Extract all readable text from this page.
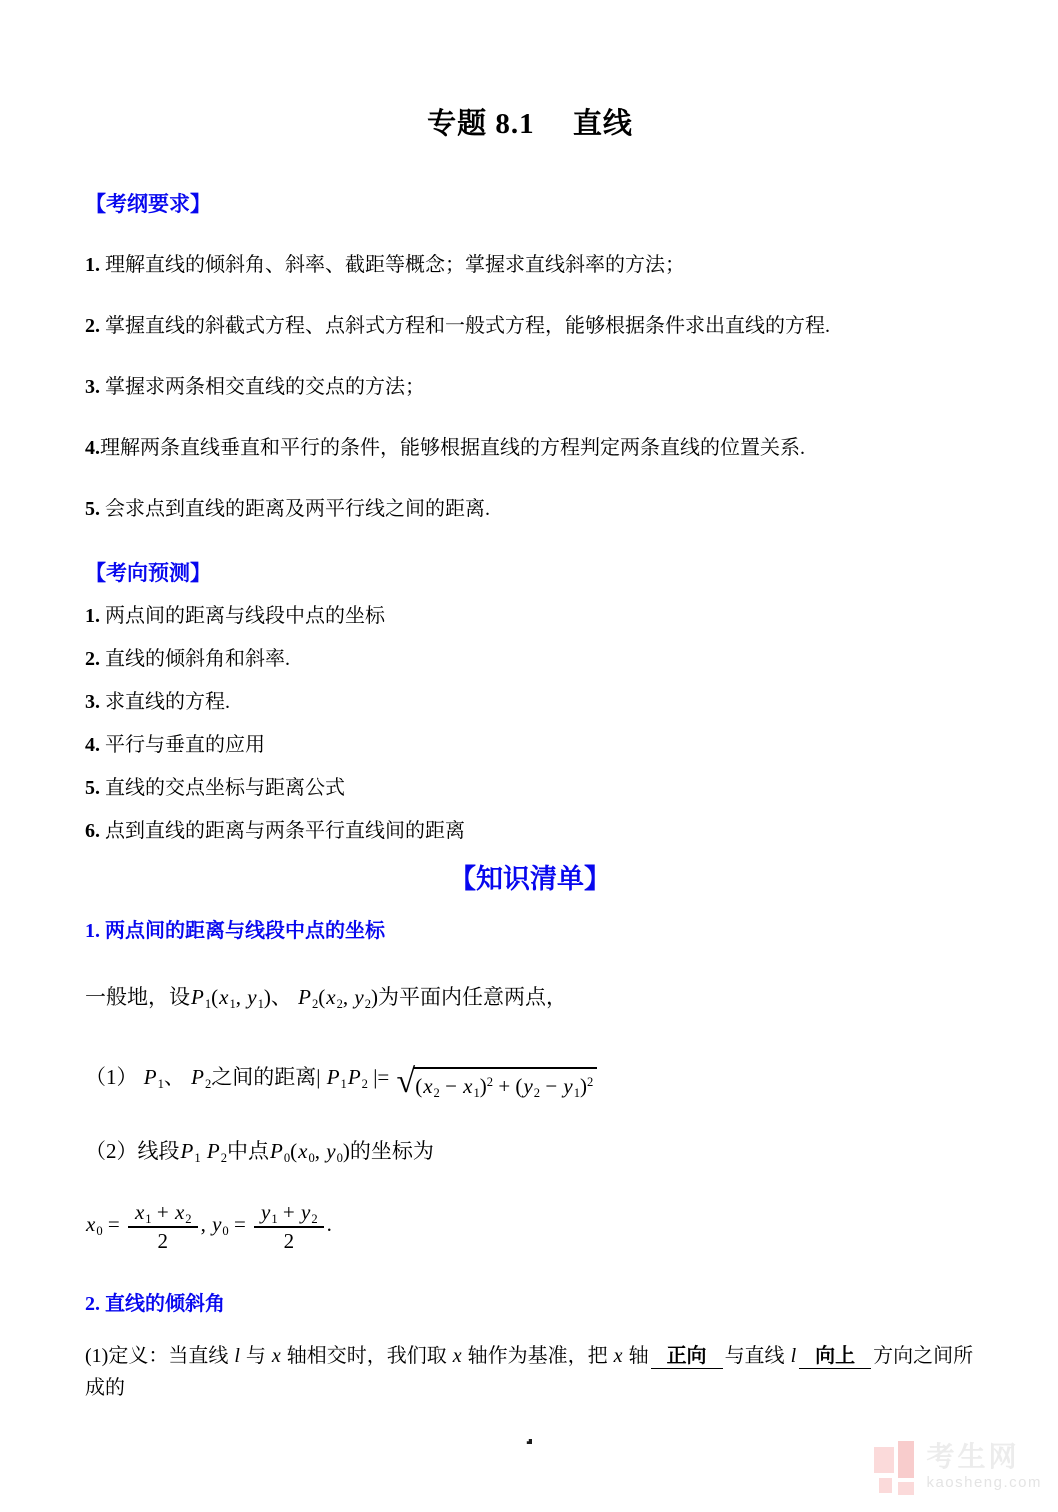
专题 8.1　 直线
【考纲要求】
1. 理解直线的倾斜角、斜率、截距等概念；掌握求直线斜率的方法；
2. 掌握直线的斜截式方程、点斜式方程和一般式方程，能够根据条件求出直线的方程.
3. 掌握求两条相交直线的交点的方法；
4.理解两条直线垂直和平行的条件，能够根据直线的方程判定两条直线的位置关系.
5. 会求点到直线的距离及两平行线之间的距离.
【考向预测】
1. 两点间的距离与线段中点的坐标
2. 直线的倾斜角和斜率.
3. 求直线的方程.
4. 平行与垂直的应用
5. 直线的交点坐标与距离公式
6. 点到直线的距离与两条平行直线间的距离
【知识清单】
1. 两点间的距离与线段中点的坐标
一般地，设$P_1(x_1$, $y_1$)、 $P_2(x_2$, $y_2$)为平面内任意两点，
（1） $P_1$、 $P_2$之间的距离| $P_1P_2$ |= √ $(x_2 - x_1)^2 + (y_2 - y_1)^2$
（2）线段$P_1$ $P_2$中点$P_0(x_0$, $y_0$)的坐标为
$x_0 = \frac{x_1 + x_2}{2}$ , $y_0 = \frac{y_1 + y_2}{2}$ .
2. 直线的倾斜角
(1)定义：当直线 l 与 x 轴相交时，我们取 x 轴作为基准，把 x 轴 正向 与直线 l 向上 方向之间所成的
考生网
kaosheng.com
